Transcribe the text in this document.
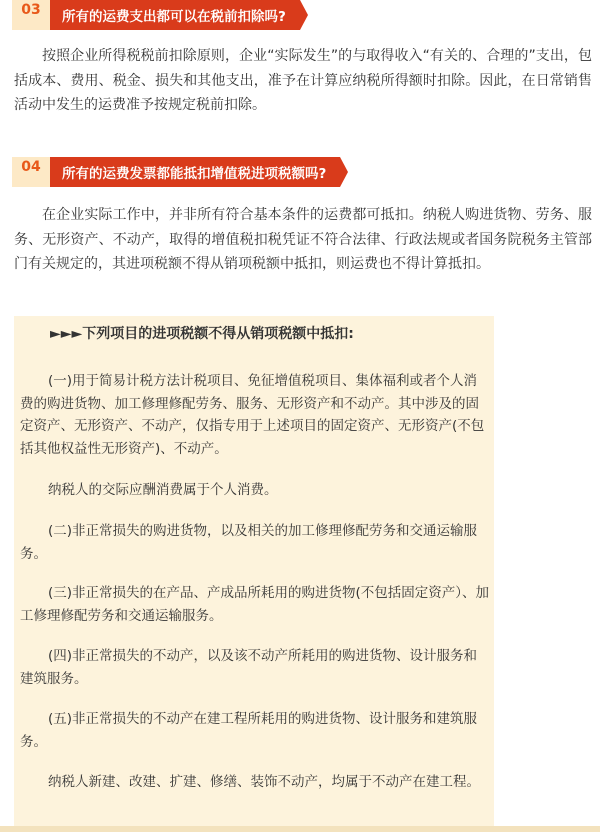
03	所有的运费支出都可以在税前扣除吗?

按照企业所得税税前扣除原则，企业“实际发生”的与取得收入“有关的、合理的”支出，包括成本、费用、税金、损失和其他支出，准予在计算应纳税所得额时扣除。因此，在日常销售活动中发生的运费准予按规定税前扣除。

04	所有的运费发票都能抵扣增值税进项税额吗?

在企业实际工作中，并非所有符合基本条件的运费都可抵扣。纳税人购进货物、劳务、服务、无形资产、不动产，取得的增值税扣税凭证不符合法律、行政法规或者国务院税务主管部门有关规定的，其进项税额不得从销项税额中抵扣，则运费也不得计算抵扣。

►►►下列项目的进项税额不得从销项税额中抵扣:

(一)用于简易计税方法计税项目、免征增值税项目、集体福利或者个人消费的购进货物、加工修理修配劳务、服务、无形资产和不动产。其中涉及的固定资产、无形资产、不动产，仅指专用于上述项目的固定资产、无形资产(不包括其他权益性无形资产)、不动产。

纳税人的交际应酬消费属于个人消费。

(二)非正常损失的购进货物，以及相关的加工修理修配劳务和交通运输服务。

(三)非正常损失的在产品、产成品所耗用的购进货物(不包括固定资产）、加工修理修配劳务和交通运输服务。

(四)非正常损失的不动产，以及该不动产所耗用的购进货物、设计服务和建筑服务。

(五)非正常损失的不动产在建工程所耗用的购进货物、设计服务和建筑服务。

纳税人新建、改建、扩建、修缮、装饰不动产，均属于不动产在建工程。
